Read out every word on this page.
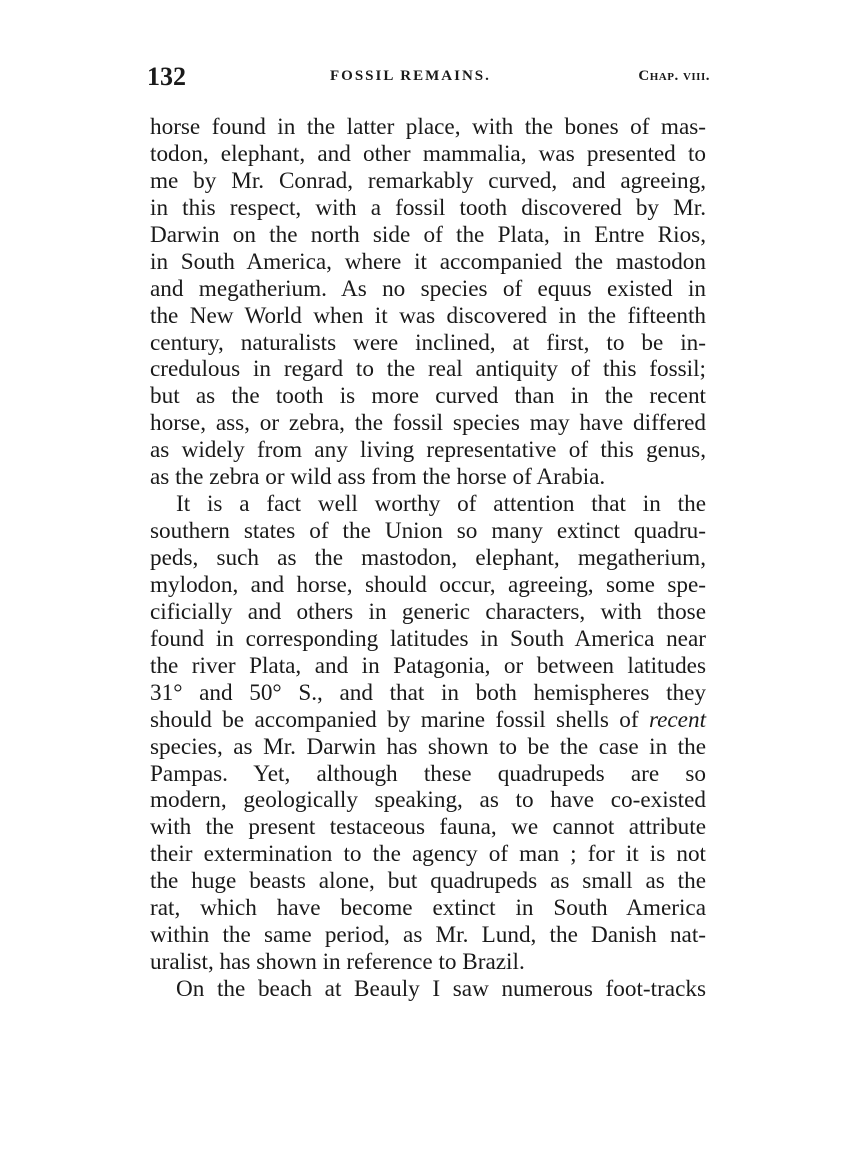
132	FOSSIL REMAINS.	Chap. viii.
horse found in the latter place, with the bones of mas-
todon, elephant, and other mammalia, was presented to
me by Mr. Conrad, remarkably curved, and agreeing,
in this respect, with a fossil tooth discovered by Mr.
Darwin on the north side of the Plata, in Entre Rios,
in South America, where it accompanied the mastodon
and megatherium. As no species of equus existed in
the New World when it was discovered in the fifteenth
century, naturalists were inclined, at first, to be in-
credulous in regard to the real antiquity of this fossil;
but as the tooth is more curved than in the recent
horse, ass, or zebra, the fossil species may have differed
as widely from any living representative of this genus,
as the zebra or wild ass from the horse of Arabia.
It is a fact well worthy of attention that in the
southern states of the Union so many extinct quadru-
peds, such as the mastodon, elephant, megatherium,
mylodon, and horse, should occur, agreeing, some spe-
cificially and others in generic characters, with those
found in corresponding latitudes in South America near
the river Plata, and in Patagonia, or between latitudes
31° and 50° S., and that in both hemispheres they
should be accompanied by marine fossil shells of recent
species, as Mr. Darwin has shown to be the case in the
Pampas. Yet, although these quadrupeds are so
modern, geologically speaking, as to have co-existed
with the present testaceous fauna, we cannot attribute
their extermination to the agency of man ; for it is not
the huge beasts alone, but quadrupeds as small as the
rat, which have become extinct in South America
within the same period, as Mr. Lund, the Danish nat-
uralist, has shown in reference to Brazil.
On the beach at Beauly I saw numerous foot-tracks
